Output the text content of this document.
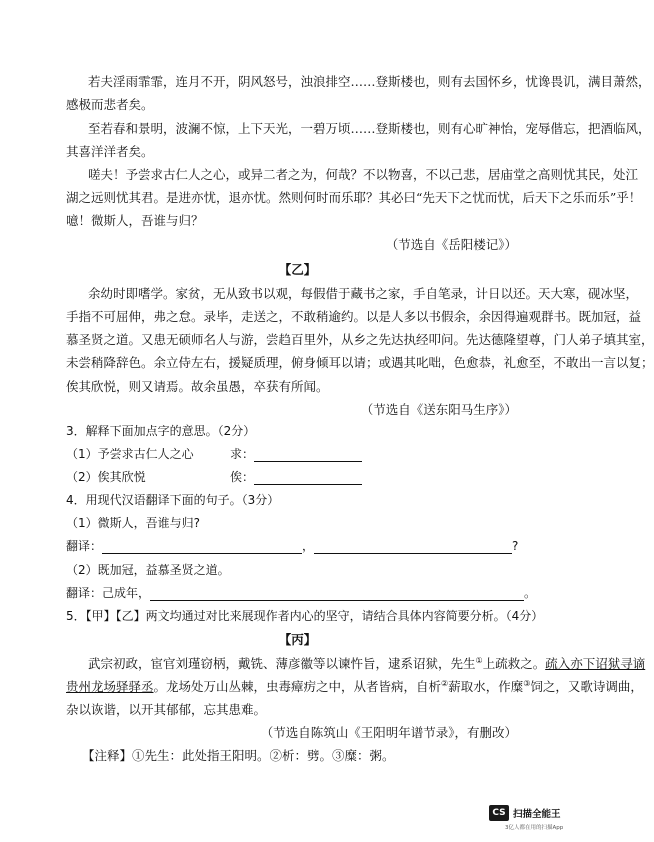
若夫淫雨霏霏，连月不开，阴风怒号，浊浪排空……登斯楼也，则有去国怀乡，忧谗畏讥，满目萧然，
感极而悲者矣。
至若春和景明，波澜不惊，上下天光，一碧万顷……登斯楼也，则有心旷神怡，宠辱偕忘，把酒临风，
其喜洋洋者矣。
嗟夫！予尝求古仁人之心，或异二者之为，何哉？不以物喜，不以己悲，居庙堂之高则忧其民，处江
湖之远则忧其君。是进亦忧，退亦忧。然则何时而乐耶？其必曰“先天下之忧而忧，后天下之乐而乐”乎！
噫！微斯人，吾谁与归？
（节选自《岳阳楼记》）
【乙】
余幼时即嗜学。家贫，无从致书以观，每假借于藏书之家，手自笔录，计日以还。天大寒，砚冰坚，
手指不可屈伸，弗之怠。录毕，走送之，不敢稍逾约。以是人多以书假余，余因得遍观群书。既加冠，益
慕圣贤之道。又患无硕师名人与游，尝趋百里外，从乡之先达执经叩问。先达德隆望尊，门人弟子填其室，
未尝稍降辞色。余立侍左右，援疑质理，俯身倾耳以请；或遇其叱咄，色愈恭，礼愈至，不敢出一言以复；
俟其欣悦，则又请焉。故余虽愚，卒获有所闻。
（节选自《送东阳马生序》）
3．解释下面加点字的意思。（2分）
（1）予尝求古仁人之心	求：
（2）俟其欣悦	俟：
4．用现代汉语翻译下面的句子。（3分）
（1）微斯人，吾谁与归?
翻译：	，	?
（2）既加冠，益慕圣贤之道。
翻译：己成年，	。
5．【甲】【乙】两文均通过对比来展现作者内心的坚守，请结合具体内容简要分析。（4分）
【丙】
武宗初政，宦官刘瑾窃柄，戴铣、薄彦徽等以谏忤旨，逮系诏狱，先生①上疏救之。疏入亦下诏狱寻谪
贵州龙场驿驿丞。龙场处万山丛棘，虫毒瘴疠之中，从者皆病，自析②薪取水，作糜③饲之，又歌诗调曲，
杂以诙谐，以开其郁郁，忘其患难。
（节选自陈筑山《王阳明年谱节录》，有删改）
【注释】①先生：此处指王阳明。②析：劈。③糜：粥。
CS 扫描全能王
3亿人都在用的扫描App
